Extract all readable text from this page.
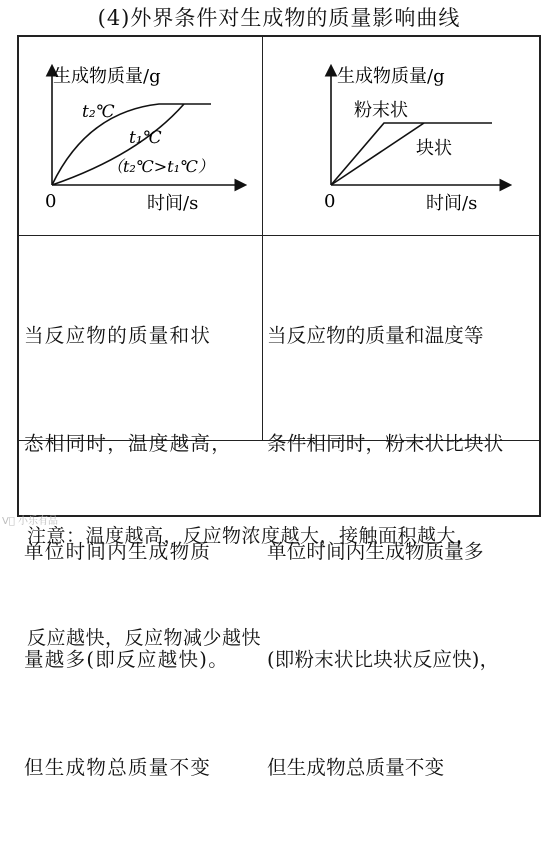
(4)外界条件对生成物的质量影响曲线
生成物质量/g
时间/s
0
t₂℃
t₁℃
（t₂℃>t₁℃）
生成物质量/g
时间/s
0
粉末状
块状

当反应物的质量和状

态相同时，温度越高，

单位时间内生成物质

量越多(即反应越快)。

但生成物总质量不变

当反应物的质量和温度等

条件相同时，粉末状比块状

单位时间内生成物质量多

(即粉末状比块状反应快)，

但生成物总质量不变

注意：温度越高，反应物浓度越大，接触面积越大，

反应越快，反应物减少越快

V⃝ 小乐有品
